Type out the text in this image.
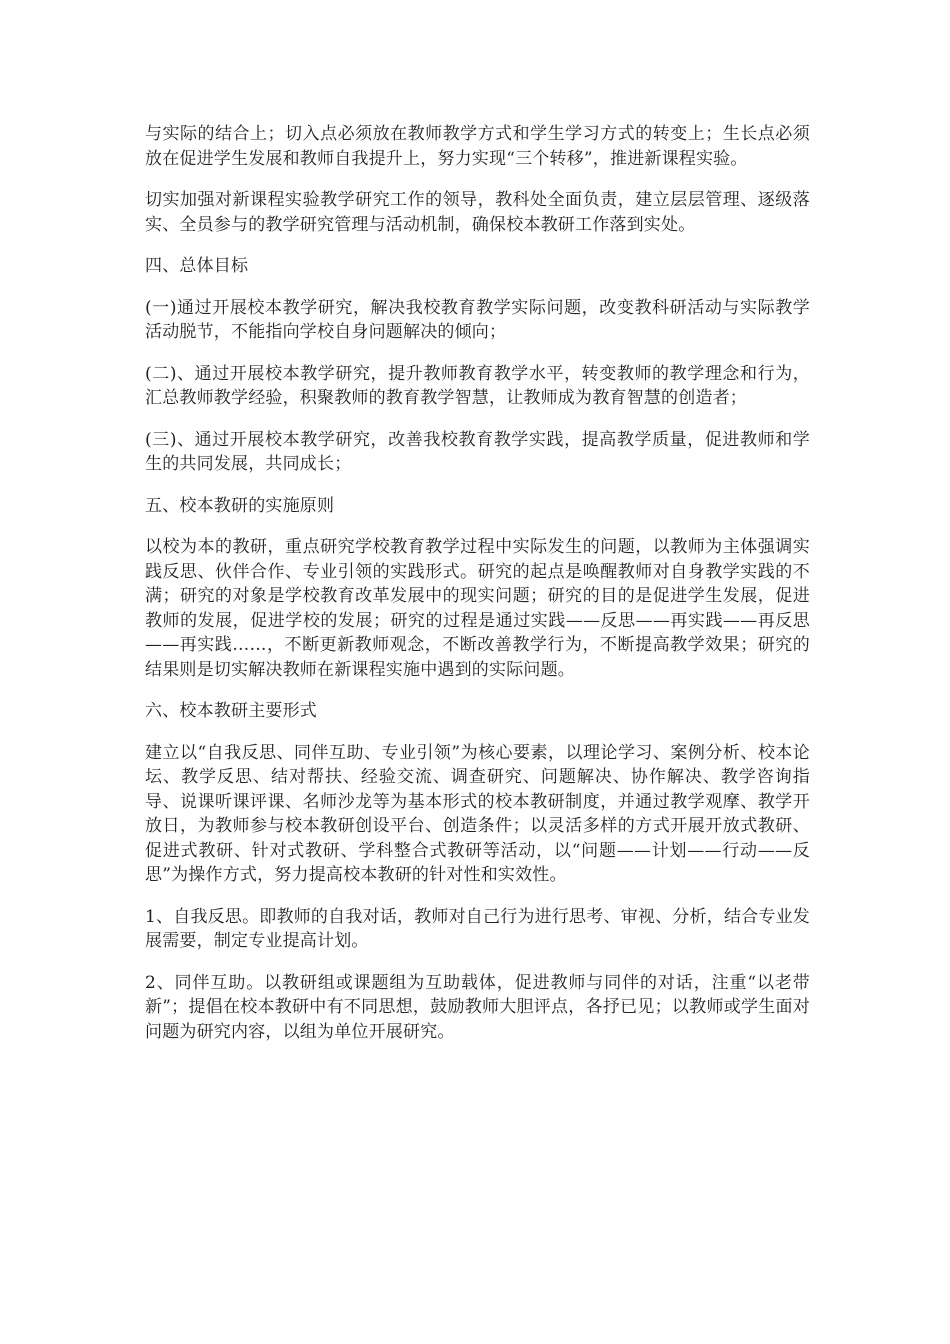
与实际的结合上；切入点必须放在教师教学方式和学生学习方式的转变上；生长点必须放在促进学生发展和教师自我提升上，努力实现“三个转移”，推进新课程实验。

切实加强对新课程实验教学研究工作的领导，教科处全面负责，建立层层管理、逐级落实、全员参与的教学研究管理与活动机制，确保校本教研工作落到实处。

四、总体目标

(一)通过开展校本教学研究，解决我校教育教学实际问题，改变教科研活动与实际教学活动脱节，不能指向学校自身问题解决的倾向；

(二)、通过开展校本教学研究，提升教师教育教学水平，转变教师的教学理念和行为，汇总教师教学经验，积聚教师的教育教学智慧，让教师成为教育智慧的创造者；

(三)、通过开展校本教学研究，改善我校教育教学实践，提高教学质量，促进教师和学生的共同发展，共同成长；

五、校本教研的实施原则

以校为本的教研，重点研究学校教育教学过程中实际发生的问题，以教师为主体强调实践反思、伙伴合作、专业引领的实践形式。研究的起点是唤醒教师对自身教学实践的不满；研究的对象是学校教育改革发展中的现实问题；研究的目的是促进学生发展，促进教师的发展，促进学校的发展；研究的过程是通过实践——反思——再实践——再反思——再实践……，不断更新教师观念，不断改善教学行为，不断提高教学效果；研究的结果则是切实解决教师在新课程实施中遇到的实际问题。

六、校本教研主要形式

建立以“自我反思、同伴互助、专业引领”为核心要素，以理论学习、案例分析、校本论坛、教学反思、结对帮扶、经验交流、调查研究、问题解决、协作解决、教学咨询指导、说课听课评课、名师沙龙等为基本形式的校本教研制度，并通过教学观摩、教学开放日，为教师参与校本教研创设平台、创造条件；以灵活多样的方式开展开放式教研、促进式教研、针对式教研、学科整合式教研等活动，以“问题——计划——行动——反思”为操作方式，努力提高校本教研的针对性和实效性。

1、自我反思。即教师的自我对话，教师对自己行为进行思考、审视、分析，结合专业发展需要，制定专业提高计划。

2、同伴互助。以教研组或课题组为互助载体，促进教师与同伴的对话，注重“以老带新”；提倡在校本教研中有不同思想，鼓励教师大胆评点，各抒已见；以教师或学生面对问题为研究内容，以组为单位开展研究。
